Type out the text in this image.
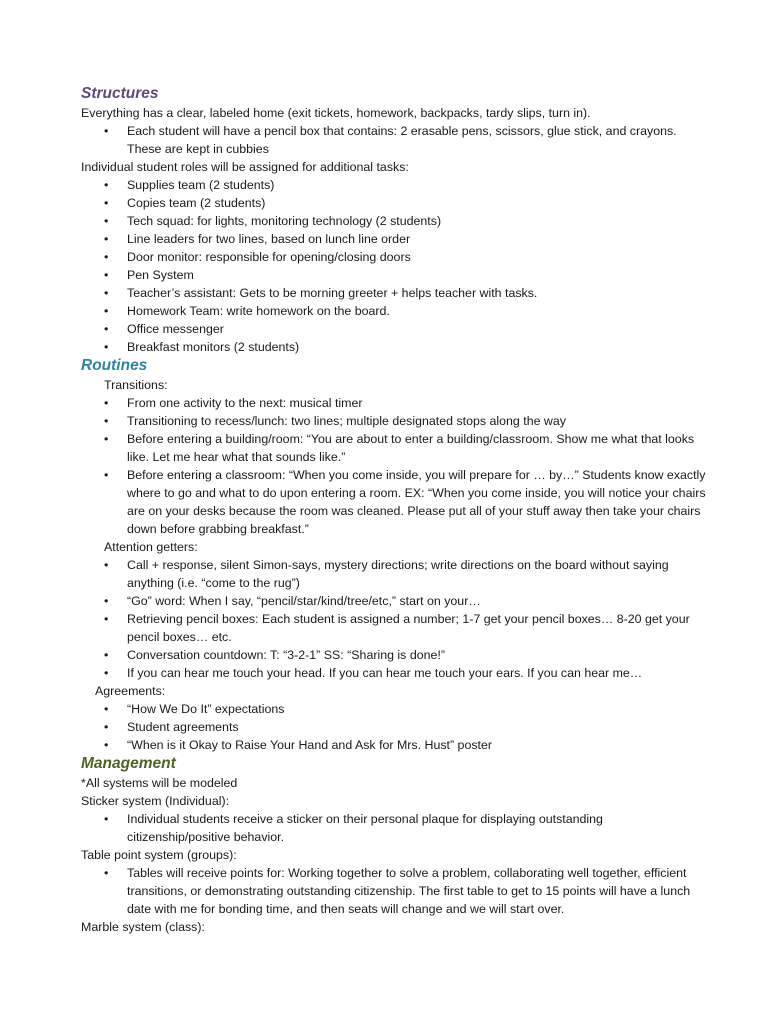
Structures

Everything has a clear, labeled home (exit tickets, homework, backpacks, tardy slips, turn in).

• Each student will have a pencil box that contains: 2 erasable pens, scissors, glue stick, and crayons. These are kept in cubbies

Individual student roles will be assigned for additional tasks:

• Supplies team (2 students)
• Copies team (2 students)
• Tech squad: for lights, monitoring technology (2 students)
• Line leaders for two lines, based on lunch line order
• Door monitor: responsible for opening/closing doors
• Pen System
• Teacher’s assistant: Gets to be morning greeter + helps teacher with tasks.
• Homework Team: write homework on the board.
• Office messenger
• Breakfast monitors (2 students)
Routines

Transitions:

• From one activity to the next: musical timer
• Transitioning to recess/lunch: two lines; multiple designated stops along the way
• Before entering a building/room: “You are about to enter a building/classroom. Show me what that looks like. Let me hear what that sounds like.”
• Before entering a classroom: “When you come inside, you will prepare for … by…” Students know exactly where to go and what to do upon entering a room. EX: “When you come inside, you will notice your chairs are on your desks because the room was cleaned. Please put all of your stuff away then take your chairs down before grabbing breakfast.”

Attention getters:

• Call + response, silent Simon-says, mystery directions; write directions on the board without saying anything (i.e. “come to the rug”)
• “Go” word: When I say, “pencil/star/kind/tree/etc,” start on your…
• Retrieving pencil boxes: Each student is assigned a number; 1-7 get your pencil boxes… 8-20 get your pencil boxes… etc.
• Conversation countdown: T: “3-2-1” SS: “Sharing is done!”
• If you can hear me touch your head. If you can hear me touch your ears. If you can hear me…

Agreements:

• “How We Do It” expectations
• Student agreements
• “When is it Okay to Raise Your Hand and Ask for Mrs. Hust” poster
Management

*All systems will be modeled

Sticker system (Individual):

• Individual students receive a sticker on their personal plaque for displaying outstanding citizenship/positive behavior.

Table point system (groups):

• Tables will receive points for: Working together to solve a problem, collaborating well together, efficient transitions, or demonstrating outstanding citizenship. The first table to get to 15 points will have a lunch date with me for bonding time, and then seats will change and we will start over.

Marble system (class):
